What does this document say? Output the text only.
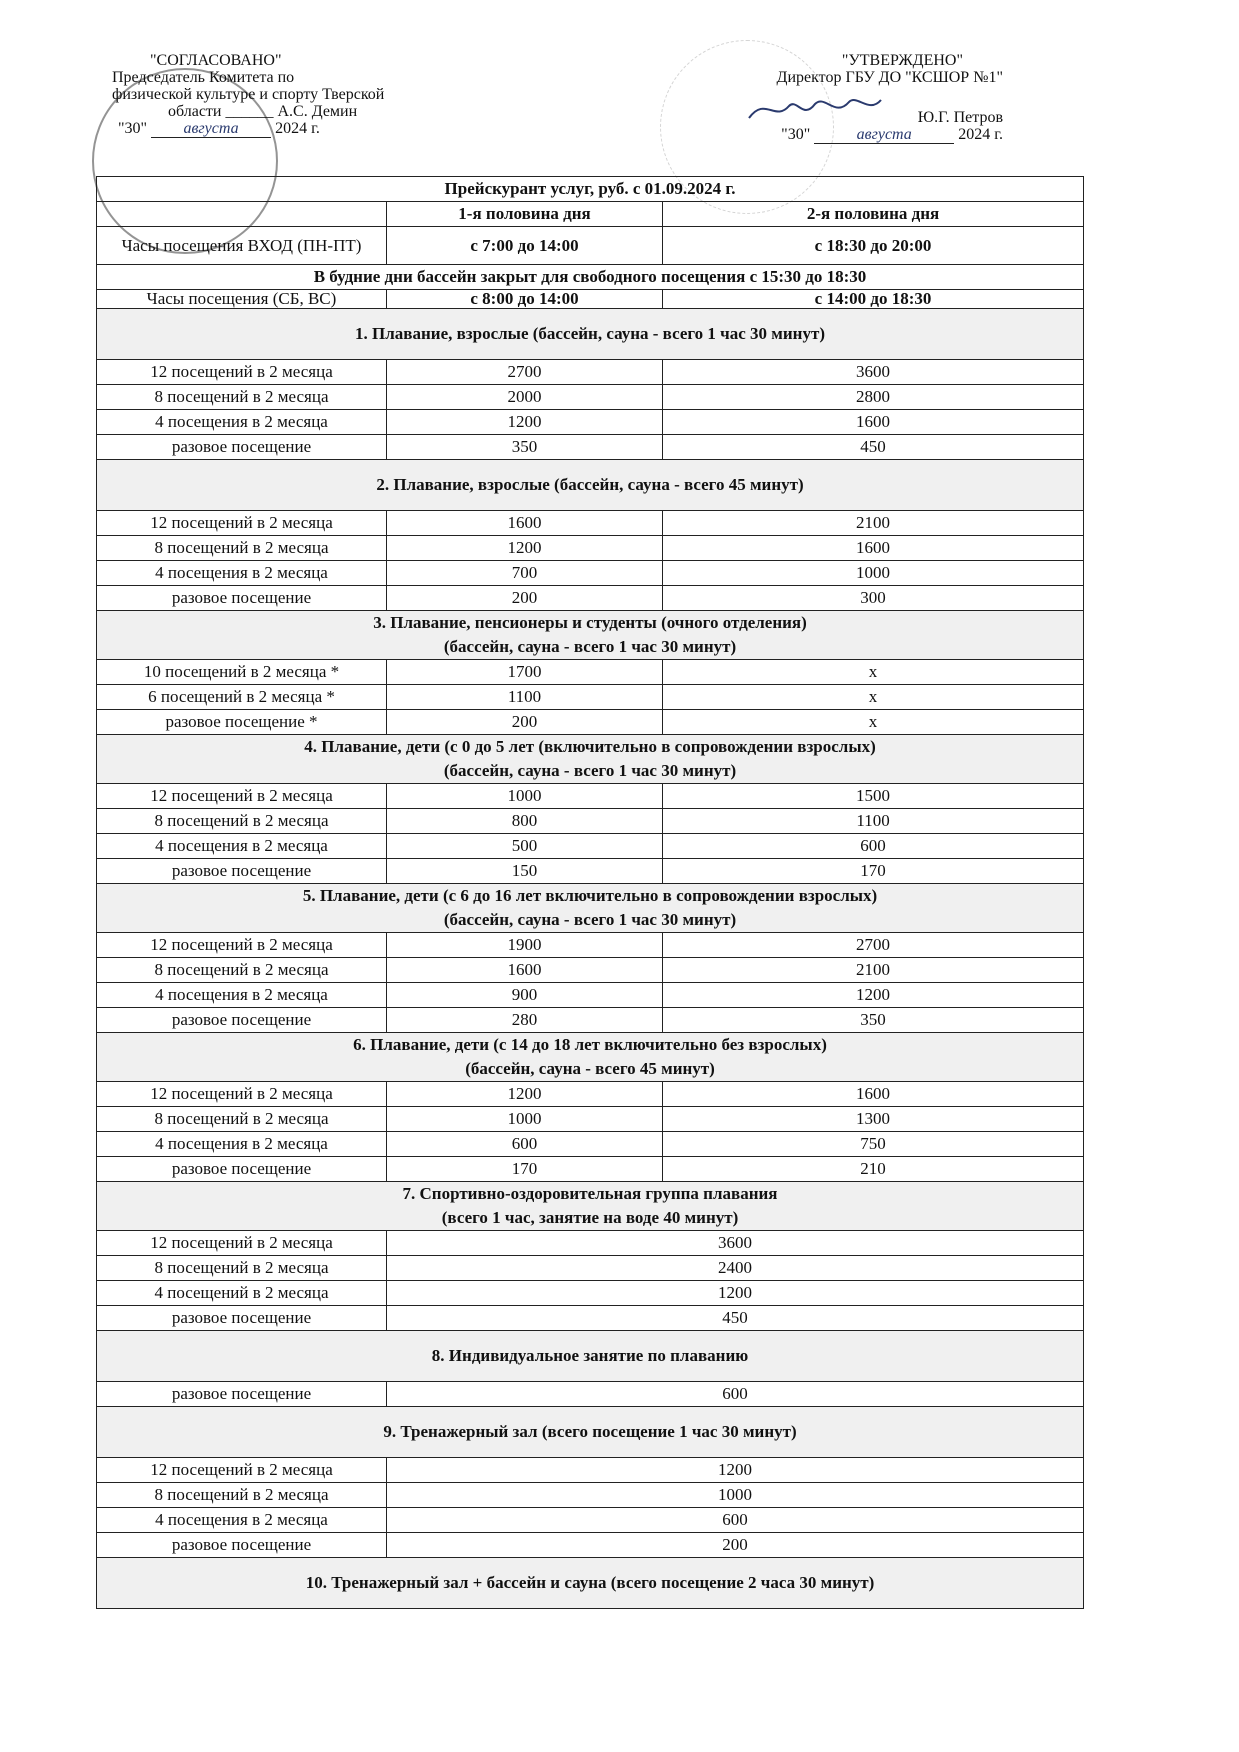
"СОГЛАСОВАНО"
Председатель Комитета по
физической культуре и спорту Тверской
области ______ А.С. Демин
"30" августа 2024 г.
"УТВЕРЖДЕНО"
Директор ГБУ ДО "КСШОР №1"
Ю.Г. Петров
"30"	августа	2024 г.
Прейскурант услуг, руб. с 01.09.2024 г.		
	1-я половина дня	2-я половина дня
Часы посещения ВХОД (ПН-ПТ)	с 7:00 до 14:00	с 18:30 до 20:00
В будние дни бассейн закрыт для свободного посещения с 15:30 до 18:30		
Часы посещения (СБ, ВС)	с 8:00 до 14:00	с 14:00 до 18:30

1. Плавание, взрослые (бассейн, сауна - всего 1 час 30 минут)		

12 посещений в 2 месяца	2700	3600
8 посещений в 2 месяца	2000	2800
4 посещения в 2 месяца	1200	1600
разовое посещение	350	450

2. Плавание, взрослые (бассейн, сауна - всего 45 минут)		

12 посещений в 2 месяца	1600	2100
8 посещений в 2 месяца	1200	1600
4 посещения в 2 месяца	700	1000
разовое посещение	200	300

3. Плавание, пенсионеры и студенты (очного отделения)
(бассейн, сауна - всего 1 час 30 минут)		

10 посещений в 2 месяца *	1700	х
6 посещений в 2 месяца *	1100	х
разовое посещение *	200	х

4. Плавание, дети (с 0 до 5 лет (включительно в сопровождении взрослых)
(бассейн, сауна - всего 1 час 30 минут)		

12 посещений в 2 месяца	1000	1500
8 посещений в 2 месяца	800	1100
4 посещения в 2 месяца	500	600
разовое посещение	150	170

5. Плавание, дети (с 6 до 16 лет включительно в сопровождении взрослых)
(бассейн, сауна - всего 1 час 30 минут)		

12 посещений в 2 месяца	1900	2700
8 посещений в 2 месяца	1600	2100
4 посещения в 2 месяца	900	1200
разовое посещение	280	350

6. Плавание, дети (с 14 до 18 лет включительно без взрослых)
(бассейн, сауна - всего 45 минут)		

12 посещений в 2 месяца	1200	1600
8 посещений в 2 месяца	1000	1300
4 посещения в 2 месяца	600	750
разовое посещение	170	210

7. Спортивно-оздоровительная группа плавания
(всего 1 час, занятие на воде 40 минут)		

12 посещений в 2 месяца	3600	
8 посещений в 2 месяца	2400	
4 посещений в 2 месяца	1200	
разовое посещение	450	

8. Индивидуальное занятие по плаванию		

разовое посещение	600	

9. Тренажерный зал (всего посещение 1 час 30 минут)		

12 посещений в 2 месяца	1200	
8 посещений в 2 месяца	1000	
4 посещения в 2 месяца	600	
разовое посещение	200	

10. Тренажерный зал + бассейн и сауна (всего посещение 2 часа 30 минут)		
